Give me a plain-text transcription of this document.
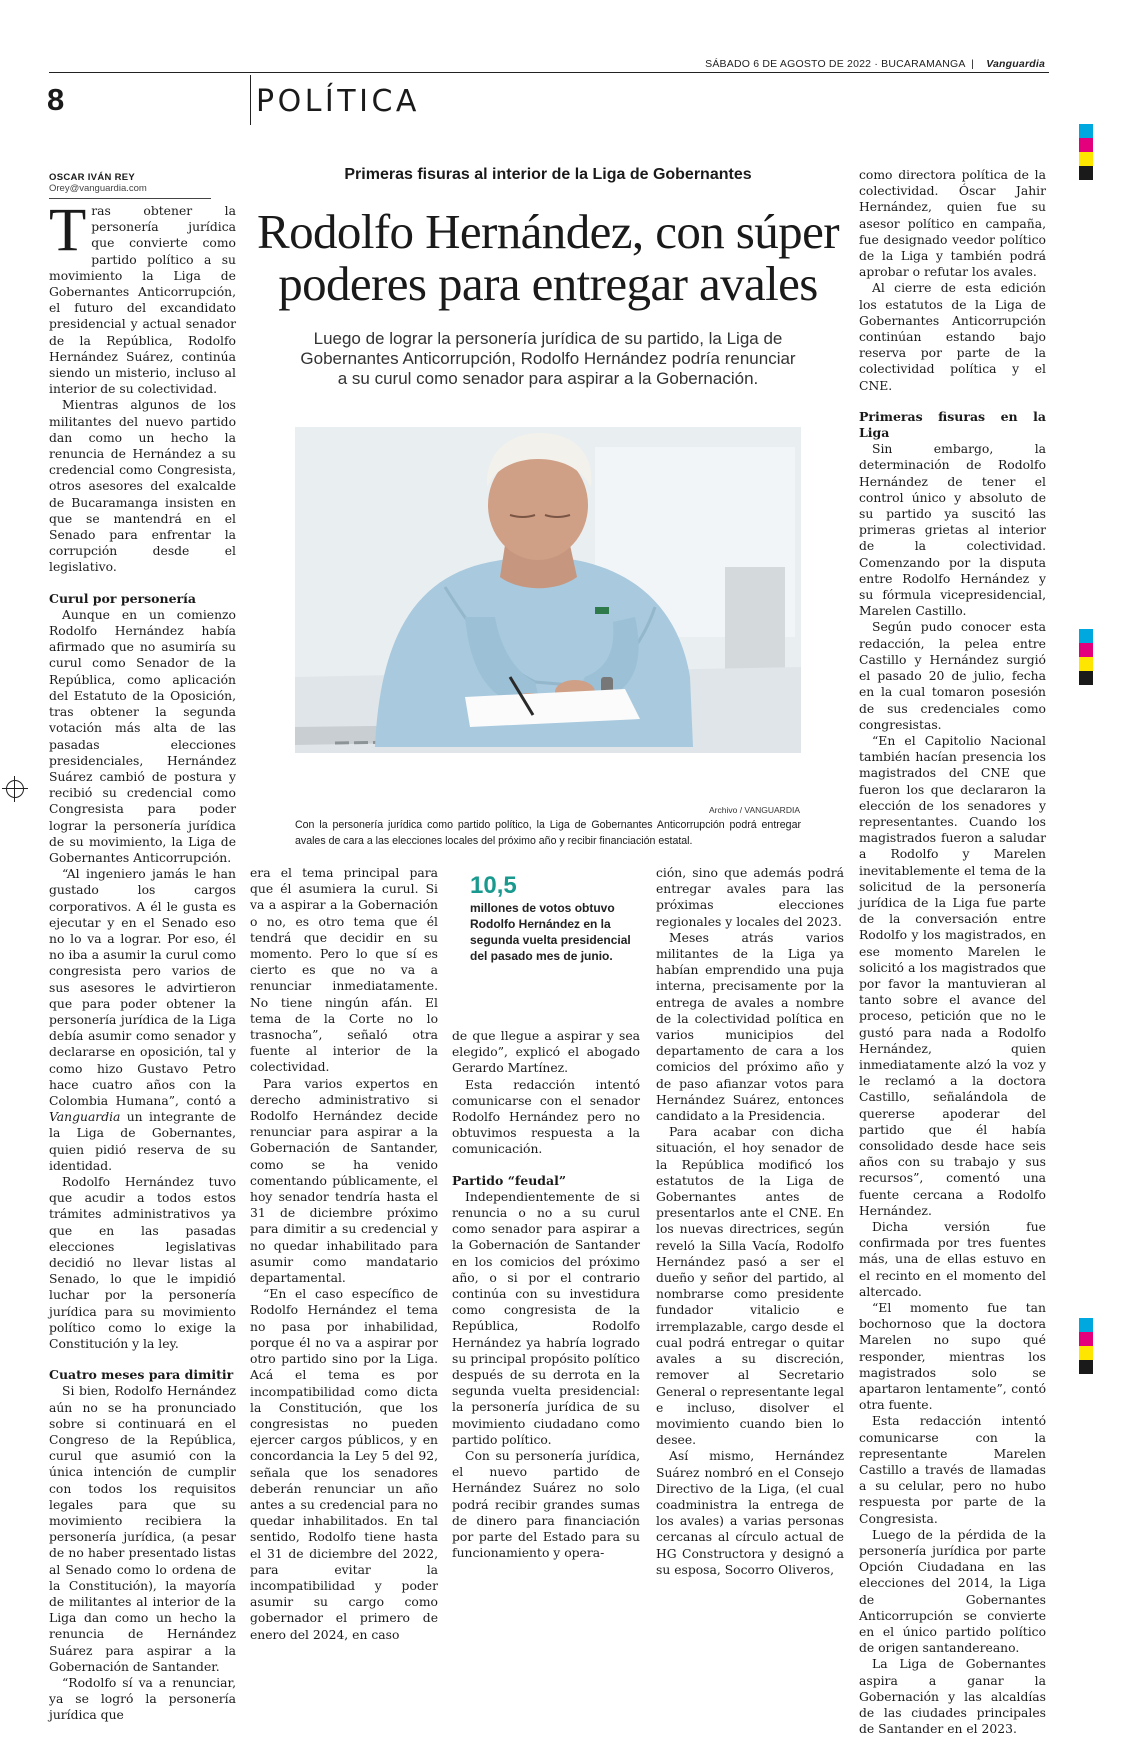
SÁBADO 6 DE AGOSTO DE 2022 · BUCARAMANGA | Vanguardia
8	POLÍTICA
OSCAR IVÁN REY
Orey@vanguardia.com
Primeras fisuras al interior de la Liga de Gobernantes
Rodolfo Hernández, con súper poderes para entregar avales
Luego de lograr la personería jurídica de su partido, la Liga de Gobernantes Anticorrupción, Rodolfo Hernández podría renunciar a su curul como senador para aspirar a la Gobernación.
Archivo / VANGUARDIA
Con la personería jurídica como partido político, la Liga de Gobernantes Anticorrupción podrá entregar avales de cara a las elecciones locales del próximo año y recibir financiación estatal.

Tras obtener la personería jurídica que convierte como partido político a su movimiento la Liga de Gobernantes Anticorrupción, el futuro del excandidato presidencial y actual senador de la República, Rodolfo Hernández Suárez, continúa siendo un misterio, incluso al interior de su colectividad.

Mientras algunos de los militantes del nuevo partido dan como un hecho la renuncia de Hernández a su credencial como Congresista, otros asesores del exalcalde de Bucaramanga insisten en que se mantendrá en el Senado para enfrentar la corrupción desde el legislativo.

Curul por personería

Aunque en un comienzo Rodolfo Hernández había afirmado que no asumiría su curul como Senador de la República, como aplicación del Estatuto de la Oposición, tras obtener la segunda votación más alta de las pasadas elecciones presidenciales, Hernández Suárez cambió de postura y recibió su credencial como Congresista para poder lograr la personería jurídica de su movimiento, la Liga de Gobernantes Anticorrupción.

“Al ingeniero jamás le han gustado los cargos corporativos. A él le gusta es ejecutar y en el Senado eso no lo va a lograr. Por eso, él no iba a asumir la curul como congresista pero varios de sus asesores le advirtieron que para poder obtener la personería jurídica de la Liga debía asumir como senador y declararse en oposición, tal y como hizo Gustavo Petro hace cuatro años con la Colombia Humana”, contó a Vanguardia un integrante de la Liga de Gobernantes, quien pidió reserva de su identidad.

Rodolfo Hernández tuvo que acudir a todos estos trámites administrativos ya que en las pasadas elecciones legislativas decidió no llevar listas al Senado, lo que le impidió luchar por la personería jurídica para su movimiento político como lo exige la Constitución y la ley.

Cuatro meses para dimitir

Si bien, Rodolfo Hernández aún no se ha pronunciado sobre si continuará en el Congreso de la República, curul que asumió con la única intención de cumplir con todos los requisitos legales para que su movimiento recibiera la personería jurídica, (a pesar de no haber presentado listas al Senado como lo ordena de la Constitución), la mayoría de militantes al interior de la Liga dan como un hecho la renuncia de Hernández Suárez para aspirar a la Gobernación de Santander.

“Rodolfo sí va a renunciar, ya se logró la personería jurídica que

era el tema principal para que él asumiera la curul. Si va a aspirar a la Gobernación o no, es otro tema que él tendrá que decidir en su momento. Pero lo que sí es cierto es que no va a renunciar inmediatamente. No tiene ningún afán. El tema de la Corte no lo trasnocha”, señaló otra fuente al interior de la colectividad.

Para varios expertos en derecho administrativo si Rodolfo Hernández decide renunciar para aspirar a la Gobernación de Santander, como se ha venido comentando públicamente, el hoy senador tendría hasta el 31 de diciembre próximo para dimitir a su credencial y no quedar inhabilitado para asumir como mandatario departamental.

“En el caso específico de Rodolfo Hernández el tema no pasa por inhabilidad, porque él no va a aspirar por otro partido sino por la Liga. Acá el tema es por incompatibilidad como dicta la Constitución, que los congresistas no pueden ejercer cargos públicos, y en concordancia la Ley 5 del 92, señala que los senadores deberán renunciar un año antes a su credencial para no quedar inhabilitados. En tal sentido, Rodolfo tiene hasta el 31 de diciembre del 2022, para evitar la incompatibilidad y poder asumir su cargo como gobernador el primero de enero del 2024, en caso

10,5
millones de votos obtuvo Rodolfo Hernández en la segunda vuelta presidencial del pasado mes de junio.

de que llegue a aspirar y sea elegido”, explicó el abogado Gerardo Martínez.

Esta redacción intentó comunicarse con el senador Rodolfo Hernández pero no obtuvimos respuesta a la comunicación.

Partido “feudal”

Independientemente de si renuncia o no a su curul como senador para aspirar a la Gobernación de Santander en los comicios del próximo año, o si por el contrario continúa con su investidura como congresista de la República, Rodolfo Hernández ya habría logrado su principal propósito político después de su derrota en la segunda vuelta presidencial: la personería jurídica de su movimiento ciudadano como partido político.

Con su personería jurídica, el nuevo partido de Hernández Suárez no solo podrá recibir grandes sumas de dinero para financiación por parte del Estado para su funcionamiento y opera-

ción, sino que además podrá entregar avales para las próximas elecciones regionales y locales del 2023.

Meses atrás varios militantes de la Liga ya habían emprendido una puja interna, precisamente por la entrega de avales a nombre de la colectividad política en varios municipios del departamento de cara a los comicios del próximo año y de paso afianzar votos para Hernández Suárez, entonces candidato a la Presidencia.

Para acabar con dicha situación, el hoy senador de la República modificó los estatutos de la Liga de Gobernantes antes de presentarlos ante el CNE. En los nuevas directrices, según reveló la Silla Vacía, Rodolfo Hernández pasó a ser el dueño y señor del partido, al nombrarse como presidente fundador vitalicio e irremplazable, cargo desde el cual podrá entregar o quitar avales a su discreción, remover al Secretario General o representante legal e incluso, disolver el movimiento cuando bien lo desee.

Así mismo, Hernández Suárez nombró en el Consejo Directivo de la Liga, (el cual coadministra la entrega de los avales) a varias personas cercanas al círculo actual de HG Constructora y designó a su esposa, Socorro Oliveros,

como directora política de la colectividad. Óscar Jahir Hernández, quien fue su asesor político en campaña, fue designado veedor político de la Liga y también podrá aprobar o refutar los avales.

Al cierre de esta edición los estatutos de la Liga de Gobernantes Anticorrupción continúan estando bajo reserva por parte de la colectividad política y el CNE.

Primeras fisuras en la Liga

Sin embargo, la determinación de Rodolfo Hernández de tener el control único y absoluto de su partido ya suscitó las primeras grietas al interior de la colectividad. Comenzando por la disputa entre Rodolfo Hernández y su fórmula vicepresidencial, Marelen Castillo.

Según pudo conocer esta redacción, la pelea entre Castillo y Hernández surgió el pasado 20 de julio, fecha en la cual tomaron posesión de sus credenciales como congresistas.

“En el Capitolio Nacional también hacían presencia los magistrados del CNE que fueron los que declararon la elección de los senadores y representantes. Cuando los magistrados fueron a saludar a Rodolfo y Marelen inevitablemente el tema de la solicitud de la personería jurídica de la Liga fue parte de la conversación entre Rodolfo y los magistrados, en ese momento Marelen le solicitó a los magistrados que por favor la mantuvieran al tanto sobre el avance del proceso, petición que no le gustó para nada a Rodolfo Hernández, quien inmediatamente alzó la voz y le reclamó a la doctora Castillo, señalándola de quererse apoderar del partido que él había consolidado desde hace seis años con su trabajo y sus recursos”, comentó una fuente cercana a Rodolfo Hernández.

Dicha versión fue confirmada por tres fuentes más, una de ellas estuvo en el recinto en el momento del altercado.

“El momento fue tan bochornoso que la doctora Marelen no supo qué responder, mientras los magistrados solo se apartaron lentamente”, contó otra fuente.

Esta redacción intentó comunicarse con la representante Marelen Castillo a través de llamadas a su celular, pero no hubo respuesta por parte de la Congresista.

Luego de la pérdida de la personería jurídica por parte Opción Ciudadana en las elecciones del 2014, la Liga de Gobernantes Anticorrupción se convierte en el único partido político de origen santandereano.

La Liga de Gobernantes aspira a ganar la Gobernación y las alcaldías de las ciudades principales de Santander en el 2023.
